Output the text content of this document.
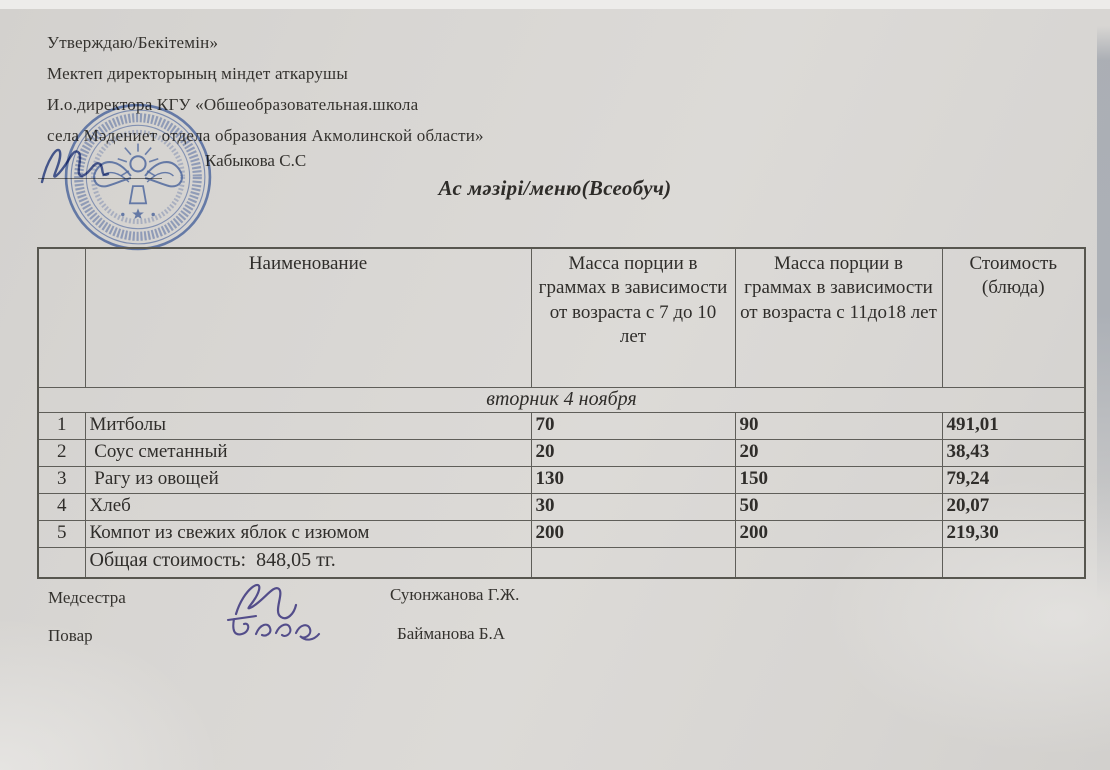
Утверждаю/Бекітемін»
Мектеп директорының міндет аткарушы
И.о.директора КГУ «Обшеобразовательная.школа
села Мәдениет отдела образования Акмолинской области»
Кабыкова С.С
Ас мәзірі/меню(Всеобуч)
	Наименование	Масса порции в граммах в зависимости от возраста с 7 до 10 лет	Масса порции в граммах в зависимости от возраста с 11до18 лет	Стоимость (блюда)
вторник 4 ноября				
1	Митболы	70	90	491,01
2	Соус сметанный	20	20	38,43
3	Рагу из овощей	130	150	79,24
4	Хлеб	30	50	20,07
5	Компот из свежих яблок с изюмом	200	200	219,30
	Общая стоимость:  848,05 тг.			
Медсестра	Суюнжанова Г.Ж.
Повар	Байманова Б.А
